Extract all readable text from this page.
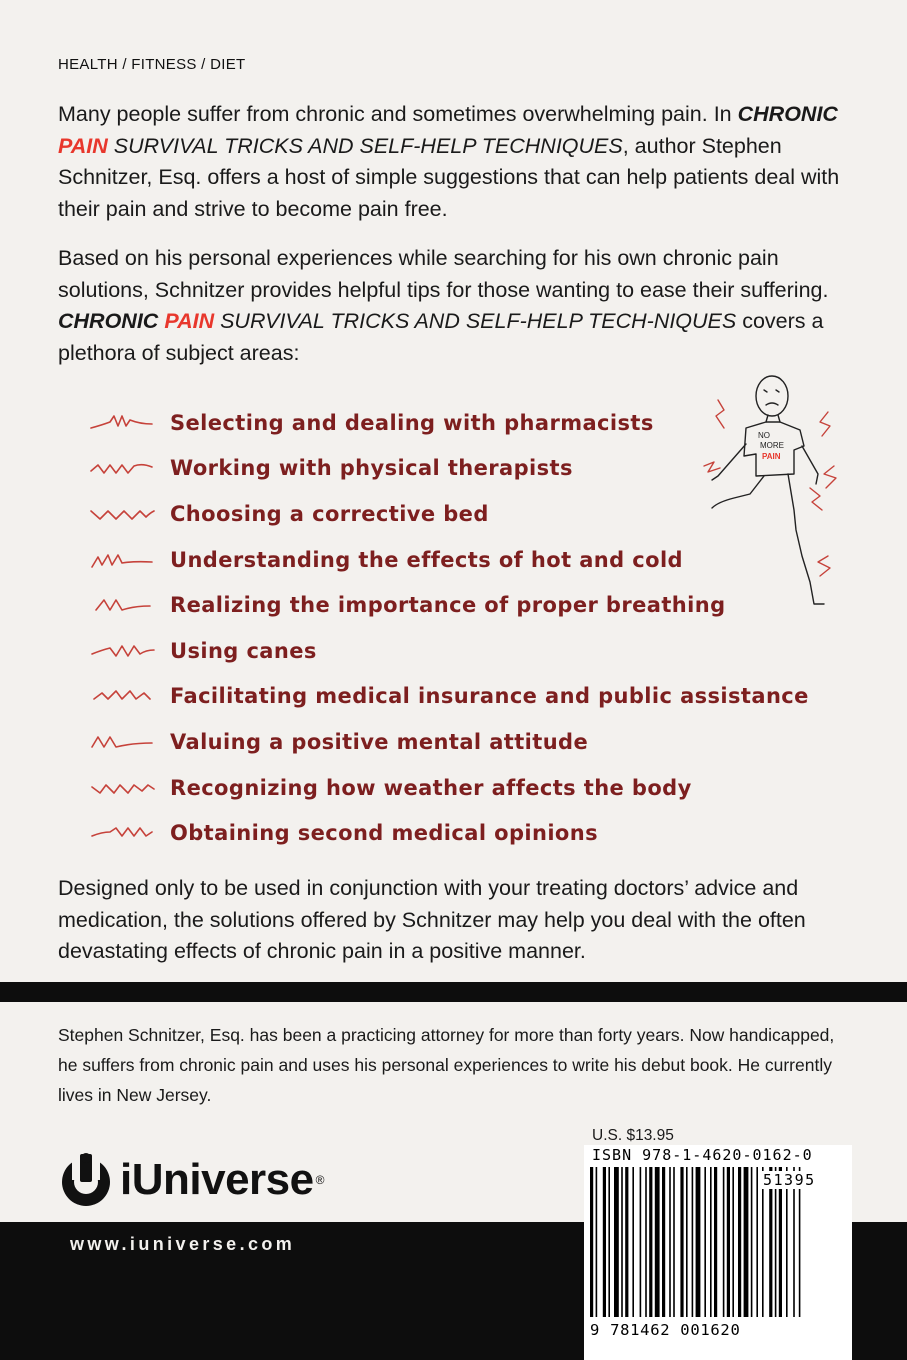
HEALTH / FITNESS / DIET
Many people suffer from chronic and sometimes overwhelming pain. In CHRONIC PAIN SURVIVAL TRICKS AND SELF-HELP TECHNIQUES, author Stephen Schnitzer, Esq. offers a host of simple suggestions that can help patients deal with their pain and strive to become pain free.
Based on his personal experiences while searching for his own chronic pain solutions, Schnitzer provides helpful tips for those wanting to ease their suffering. CHRONIC PAIN SURVIVAL TRICKS AND SELF-HELP TECH-NIQUES covers a plethora of subject areas:
Selecting and dealing with pharmacists
Working with physical therapists
Choosing a corrective bed
Understanding the effects of hot and cold
Realizing the importance of proper breathing
Using canes
Facilitating medical insurance and public assistance
Valuing a positive mental attitude
Recognizing how weather affects the body
Obtaining second medical opinions
NO
MORE
PAIN
Designed only to be used in conjunction with your treating doctors’ advice and medication, the solutions offered by Schnitzer may help you deal with the often devastating effects of chronic pain in a positive manner.
Stephen Schnitzer, Esq. has been a practicing attorney for more than forty years. Now handicapped, he suffers from chronic pain and uses his personal experiences to write his debut book. He currently lives in New Jersey.
iUniverse ®
www.iuniverse.com
U.S. $13.95
ISBN 978-1-4620-0162-0
51395
9 781462 001620
